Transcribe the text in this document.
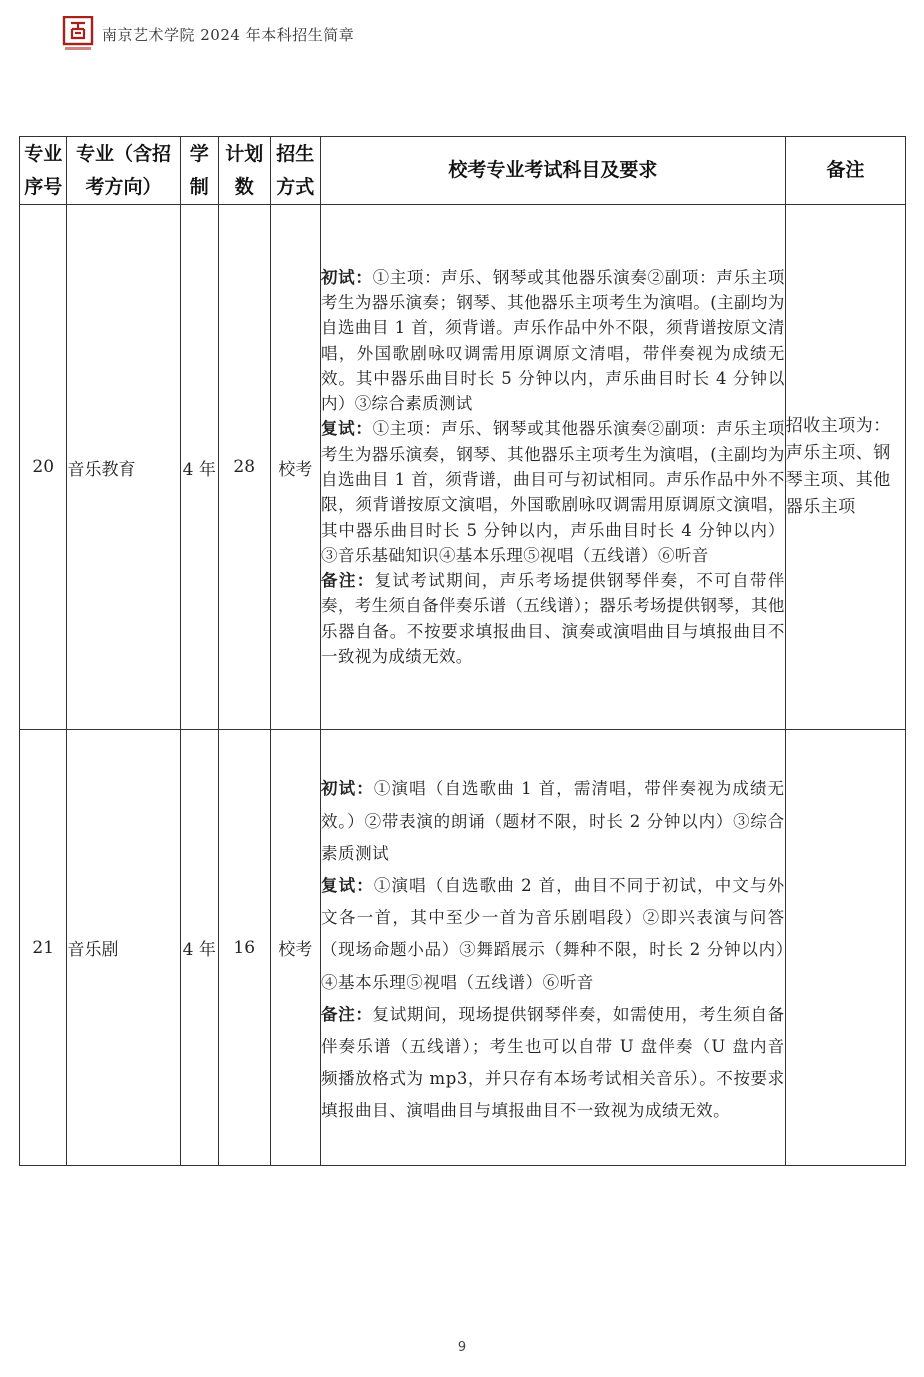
南京艺术学院 2024 年本科招生简章
专业序号	专业（含招考方向）	学制	计划数	招生方式	校考专业考试科目及要求	备注
20	音乐教育	4 年	28	校考	初试：①主项：声乐、钢琴或其他器乐演奏②副项：声乐主项考生为器乐演奏；钢琴、其他器乐主项考生为演唱。(主副均为自选曲目 1 首，须背谱。声乐作品中外不限，须背谱按原文清唱，外国歌剧咏叹调需用原调原文清唱，带伴奏视为成绩无效。其中器乐曲目时长 5 分钟以内，声乐曲目时长 4 分钟以内）③综合素质测试

复试：①主项：声乐、钢琴或其他器乐演奏②副项：声乐主项考生为器乐演奏，钢琴、其他器乐主项考生为演唱，(主副均为自选曲目 1 首，须背谱，曲目可与初试相同。声乐作品中外不限，须背谱按原文演唱，外国歌剧咏叹调需用原调原文演唱，其中器乐曲目时长 5 分钟以内，声乐曲目时长 4 分钟以内）③音乐基础知识④基本乐理⑤视唱（五线谱）⑥听音

备注：复试考试期间，声乐考场提供钢琴伴奏，不可自带伴奏，考生须自备伴奏乐谱（五线谱）；器乐考场提供钢琴，其他乐器自备。不按要求填报曲目、演奏或演唱曲目与填报曲目不一致视为成绩无效。	招收主项为：声乐主项、钢琴主项、其他器乐主项
21	音乐剧	4 年	16	校考	初试：①演唱（自选歌曲 1 首，需清唱，带伴奏视为成绩无效。）②带表演的朗诵（题材不限，时长 2 分钟以内）③综合素质测试

复试：①演唱（自选歌曲 2 首，曲目不同于初试，中文与外文各一首，其中至少一首为音乐剧唱段）②即兴表演与问答（现场命题小品）③舞蹈展示（舞种不限，时长 2 分钟以内）④基本乐理⑤视唱（五线谱）⑥听音

备注：复试期间，现场提供钢琴伴奏，如需使用，考生须自备伴奏乐谱（五线谱）；考生也可以自带 U 盘伴奏（U 盘内音频播放格式为 mp3，并只存有本场考试相关音乐）。不按要求填报曲目、演唱曲目与填报曲目不一致视为成绩无效。	

9
